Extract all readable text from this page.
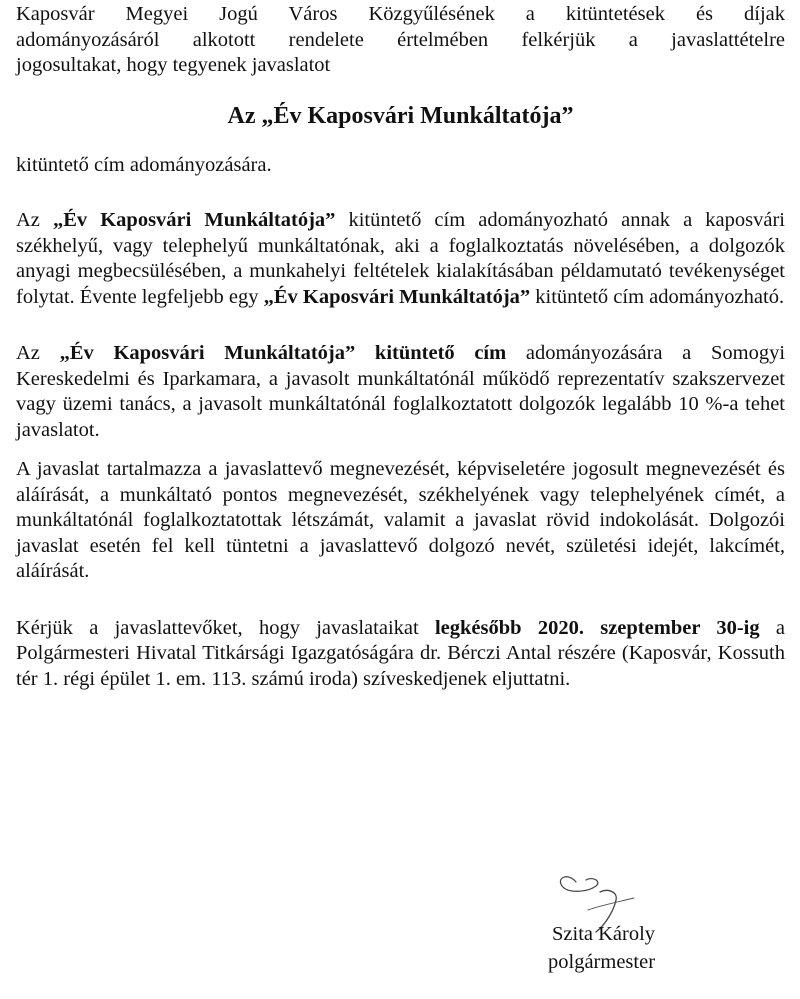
Kaposvár Megyei Jogú Város Közgyűlésének a kitüntetések és díjak

adományozásáról alkotott rendelete értelmében felkérjük a javaslattételre

jogosultakat, hogy tegyenek javaslatot

Az „Év Kaposvári Munkáltatója”

kitüntető cím adományozására.

Az „Év Kaposvári Munkáltatója” kitüntető cím adományozható annak a kaposvári székhelyű, vagy telephelyű munkáltatónak, aki a foglalkoztatás növelésében, a dolgozók anyagi megbecsülésében, a munkahelyi feltételek kialakításában példamutató tevékenységet folytat. Évente legfeljebb egy „Év Kaposvári Munkáltatója” kitüntető cím adományozható.

Az „Év Kaposvári Munkáltatója” kitüntető cím adományozására a Somogyi Kereskedelmi és Iparkamara, a javasolt munkáltatónál működő reprezentatív szakszervezet vagy üzemi tanács, a javasolt munkáltatónál foglalkoztatott dolgozók legalább 10 %-a tehet javaslatot.

A javaslat tartalmazza a javaslattevő megnevezését, képviseletére jogosult megnevezését és aláírását, a munkáltató pontos megnevezését, székhelyének vagy telephelyének címét, a munkáltatónál foglalkoztatottak létszámát, valamit a javaslat rövid indokolását. Dolgozói javaslat esetén fel kell tüntetni a javaslattevő dolgozó nevét, születési idejét, lakcímét, aláírását.

Kérjük a javaslattevőket, hogy javaslataikat legkésőbb 2020. szeptember 30-ig a Polgármesteri Hivatal Titkársági Igazgatóságára dr. Bérczi Antal részére (Kaposvár, Kossuth tér 1. régi épület 1. em. 113. számú iroda) szíveskedjenek eljuttatni.

Szita Károly
polgármester
